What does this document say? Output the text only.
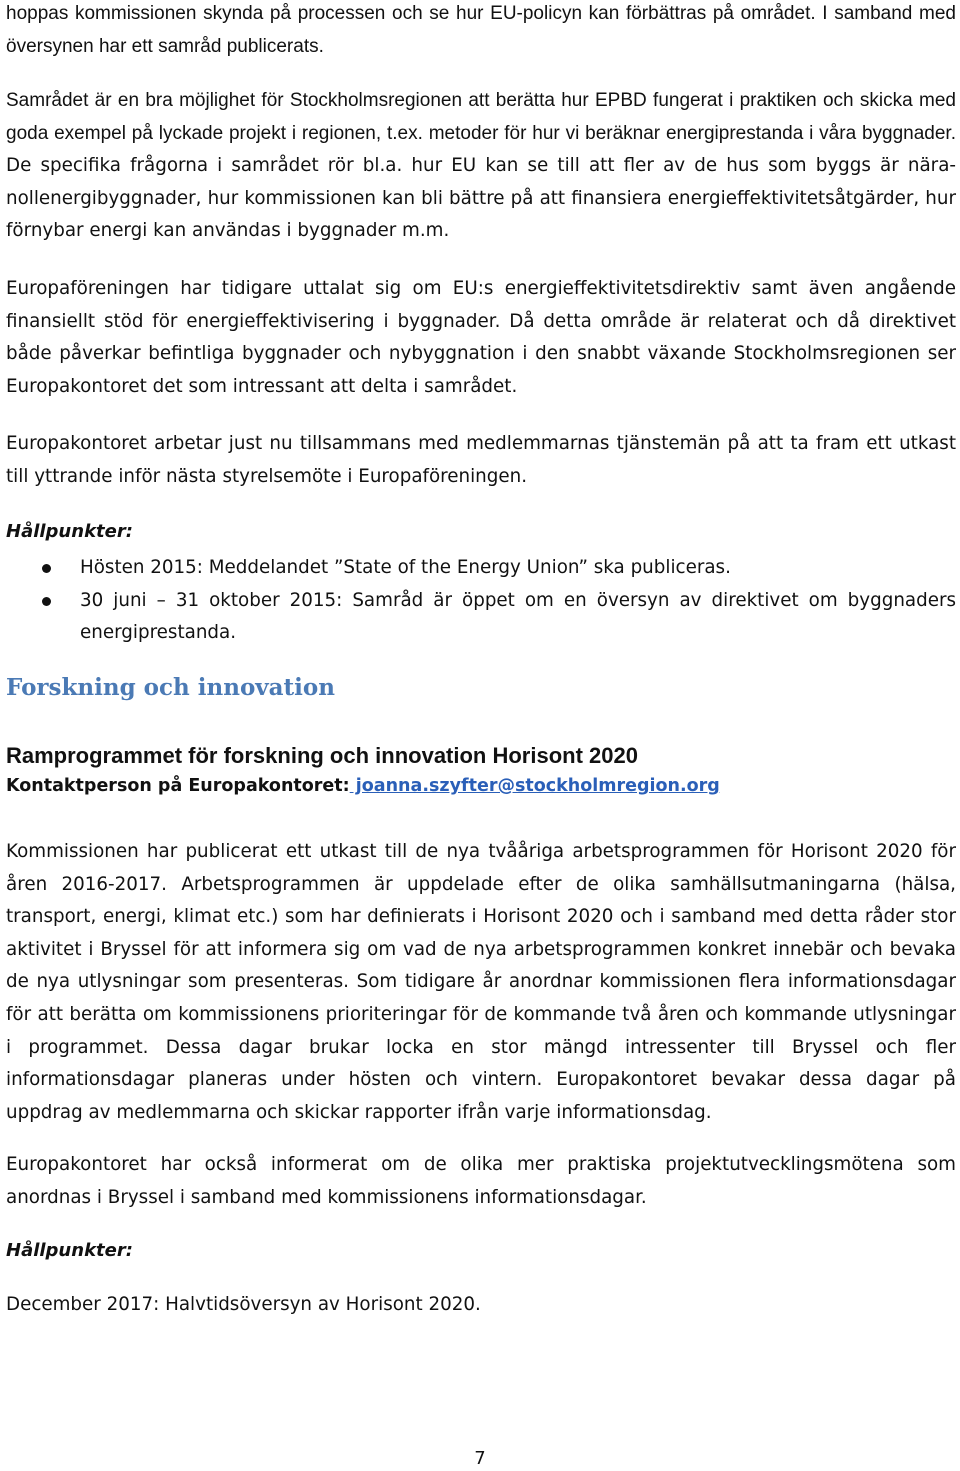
hoppas kommissionen skynda på processen och se hur EU-policyn kan förbättras på området. I samband med översynen har ett samråd publicerats.

Samrådet är en bra möjlighet för Stockholmsregionen att berätta hur EPBD fungerat i praktiken och skicka med goda exempel på lyckade projekt i regionen, t.ex. metoder för hur vi beräknar energiprestanda i våra byggnader. De specifika frågorna i samrådet rör bl.a. hur EU kan se till att fler av de hus som byggs är nära-nollenergibyggnader, hur kommissionen kan bli bättre på att finansiera energieffektivitetsåtgärder, hur förnybar energi kan användas i byggnader m.m.

Europaföreningen har tidigare uttalat sig om EU:s energieffektivitetsdirektiv samt även angående finansiellt stöd för energieffektivisering i byggnader. Då detta område är relaterat och då direktivet både påverkar befintliga byggnader och nybyggnation i den snabbt växande Stockholmsregionen ser Europakontoret det som intressant att delta i samrådet.

Europakontoret arbetar just nu tillsammans med medlemmarnas tjänstemän på att ta fram ett utkast till yttrande inför nästa styrelsemöte i Europaföreningen.

Hållpunkter:

Hösten 2015: Meddelandet ”State of the Energy Union” ska publiceras.
30 juni – 31 oktober 2015: Samråd är öppet om en översyn av direktivet om byggnaders energiprestanda.
Forskning och innovation
Ramprogrammet för forskning och innovation Horisont 2020

Kontaktperson på Europakontoret: joanna.szyfter@stockholmregion.org

Kommissionen har publicerat ett utkast till de nya tvååriga arbetsprogrammen för Horisont 2020 för åren 2016-2017. Arbetsprogrammen är uppdelade efter de olika samhällsutmaningarna (hälsa, transport, energi, klimat etc.) som har definierats i Horisont 2020 och i samband med detta råder stor aktivitet i Bryssel för att informera sig om vad de nya arbetsprogrammen konkret innebär och bevaka de nya utlysningar som presenteras. Som tidigare år anordnar kommissionen flera informationsdagar för att berätta om kommissionens prioriteringar för de kommande två åren och kommande utlysningar i programmet. Dessa dagar brukar locka en stor mängd intressenter till Bryssel och fler informationsdagar planeras under hösten och vintern. Europakontoret bevakar dessa dagar på uppdrag av medlemmarna och skickar rapporter ifrån varje informationsdag.

Europakontoret har också informerat om de olika mer praktiska projektutvecklingsmötena som anordnas i Bryssel i samband med kommissionens informationsdagar.

Hållpunkter:

December 2017: Halvtidsöversyn av Horisont 2020.

7
